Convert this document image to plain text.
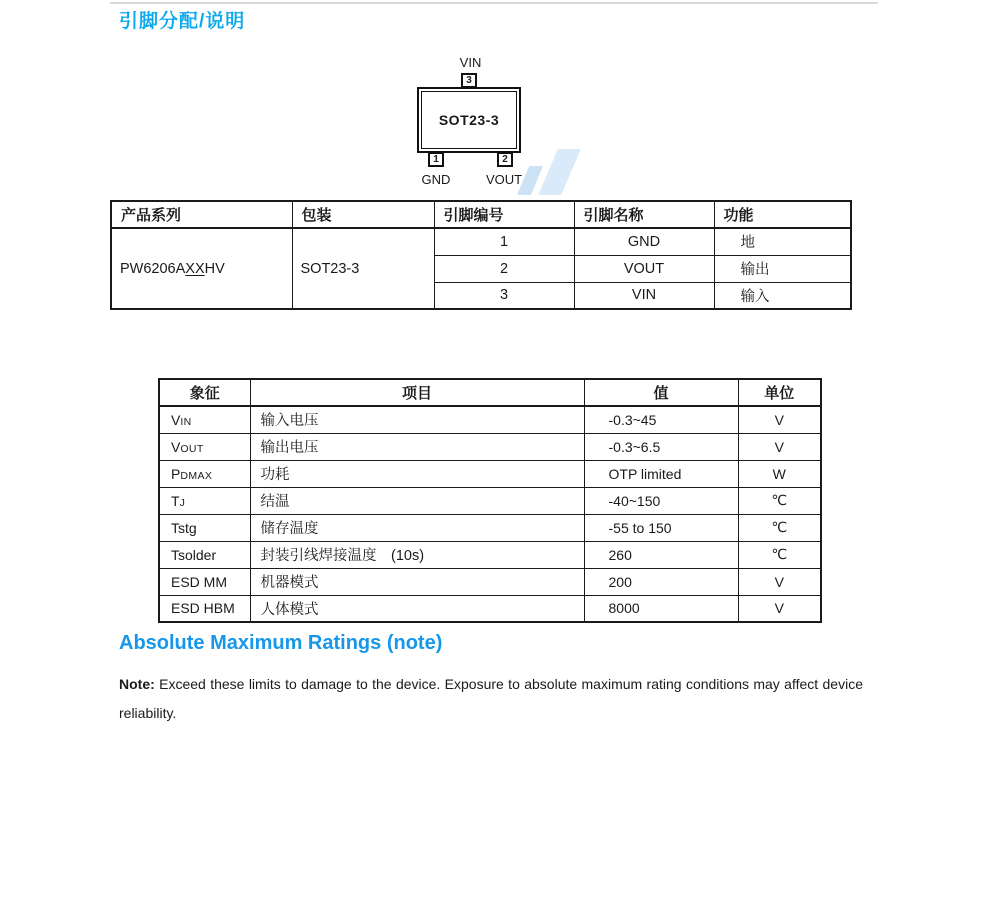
引脚分配/说明
VIN
3
SOT23-3
1	2
GND	VOUT
产品系列	包装	引脚编号	引脚名称	功能
PW6206AXXHV	SOT23-3	1	GND	地
		2	VOUT	输出
		3	VIN	输入
象征	项目	值	单位
VIN	输入电压	-0.3~45	V
VOUT	输出电压	-0.3~6.5	V
PDMAX	功耗	OTP limited	W
TJ	结温	-40~150	℃
Tstg	储存温度	-55 to 150	℃
Tsolder	封装引线焊接温度　(10s)	260	℃
ESD MM	机器模式	200	V
ESD HBM	人体模式	8000	V
Absolute Maximum Ratings (note)

Note: Exceed these limits to damage to the device. Exposure to absolute maximum rating conditions may affect device reliability.
